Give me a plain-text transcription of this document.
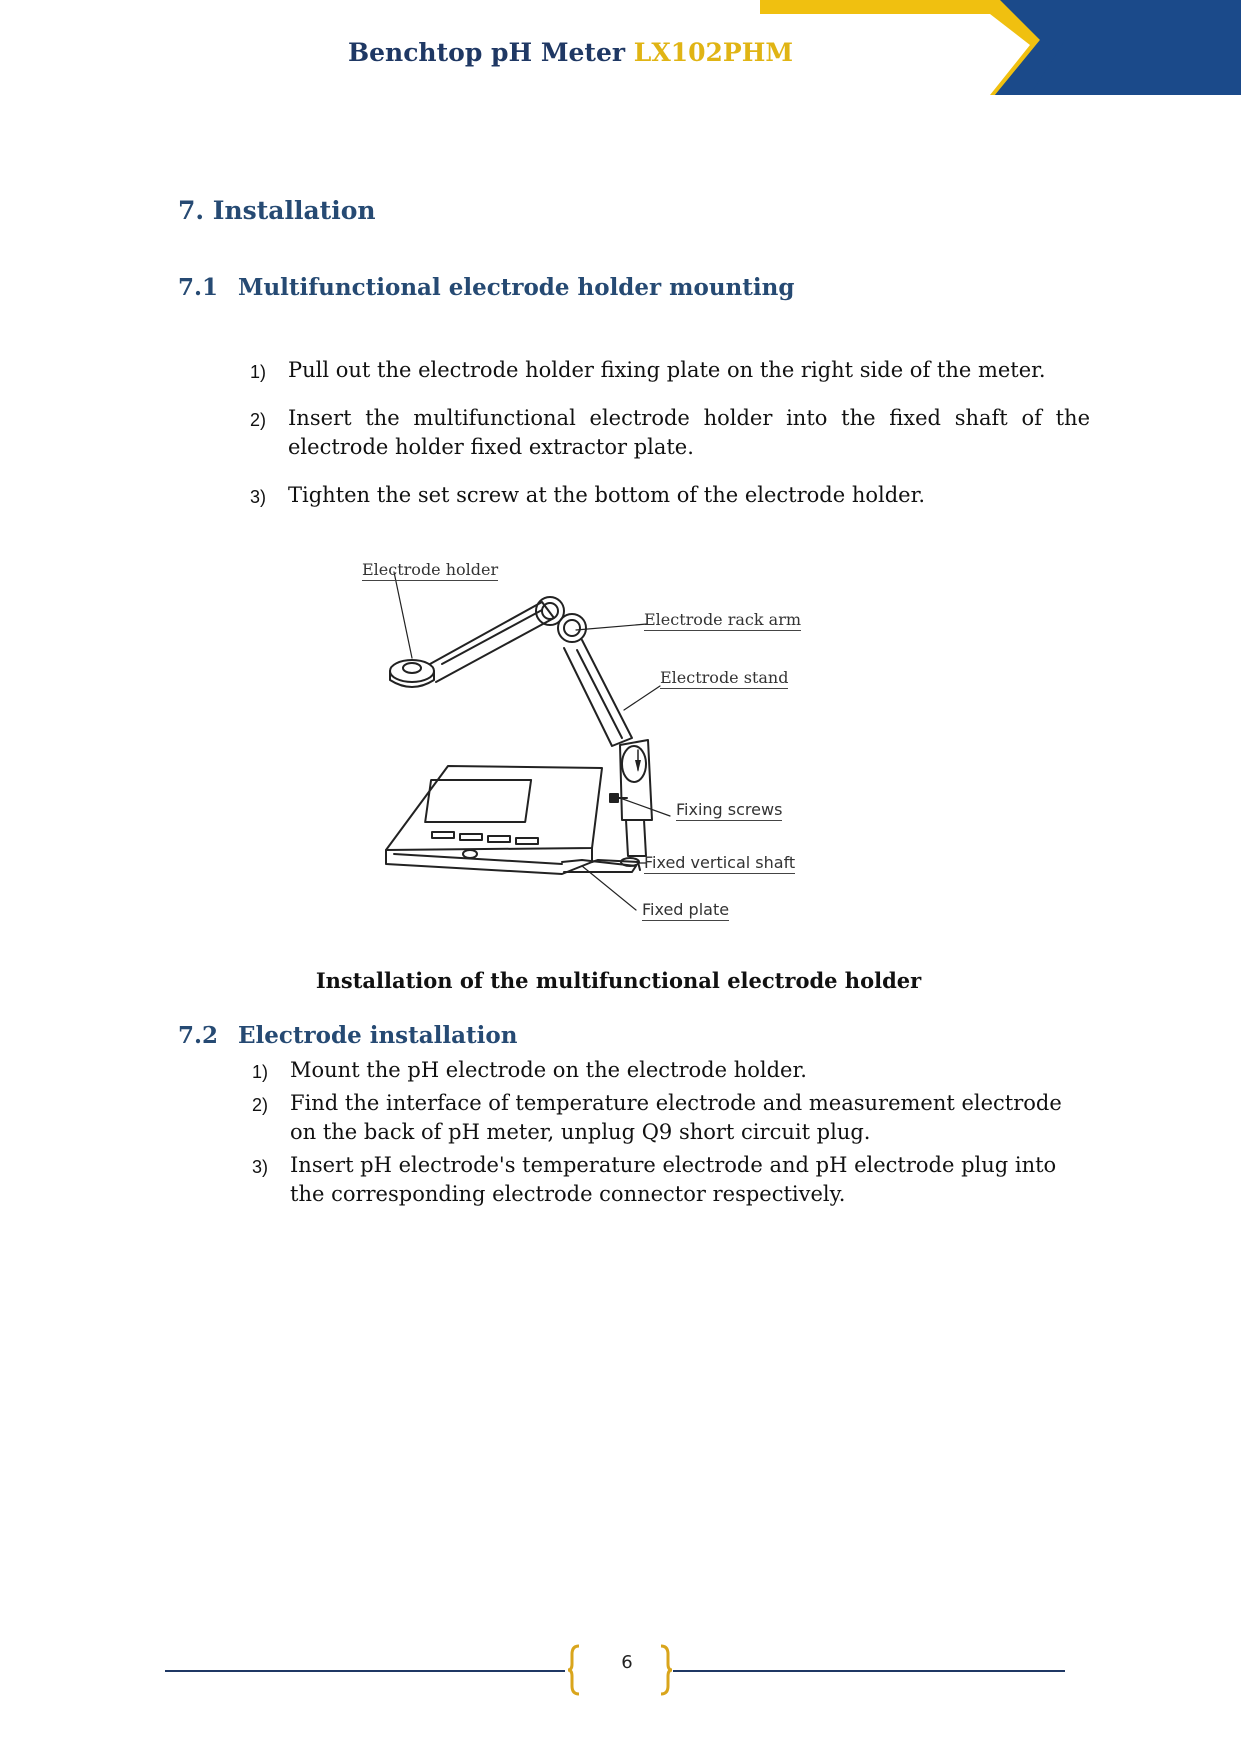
Benchtop pH Meter LX102PHM
7. Installation
7.1 Multifunctional electrode holder mounting
1) Pull out the electrode holder fixing plate on the right side of the meter.
2) Insert the multifunctional electrode holder into the fixed shaft of the electrode holder fixed extractor plate.
3) Tighten the set screw at the bottom of the electrode holder.
Electrode holder
Electrode rack arm
Electrode stand
Fixing screws
Fixed vertical shaft
Fixed plate
Installation of the multifunctional electrode holder
7.2 Electrode installation
1) Mount the pH electrode on the electrode holder.
2) Find the interface of temperature electrode and measurement electrode on the back of pH meter, unplug Q9 short circuit plug.
3) Insert pH electrode's temperature electrode and pH electrode plug into the corresponding electrode connector respectively.
6
